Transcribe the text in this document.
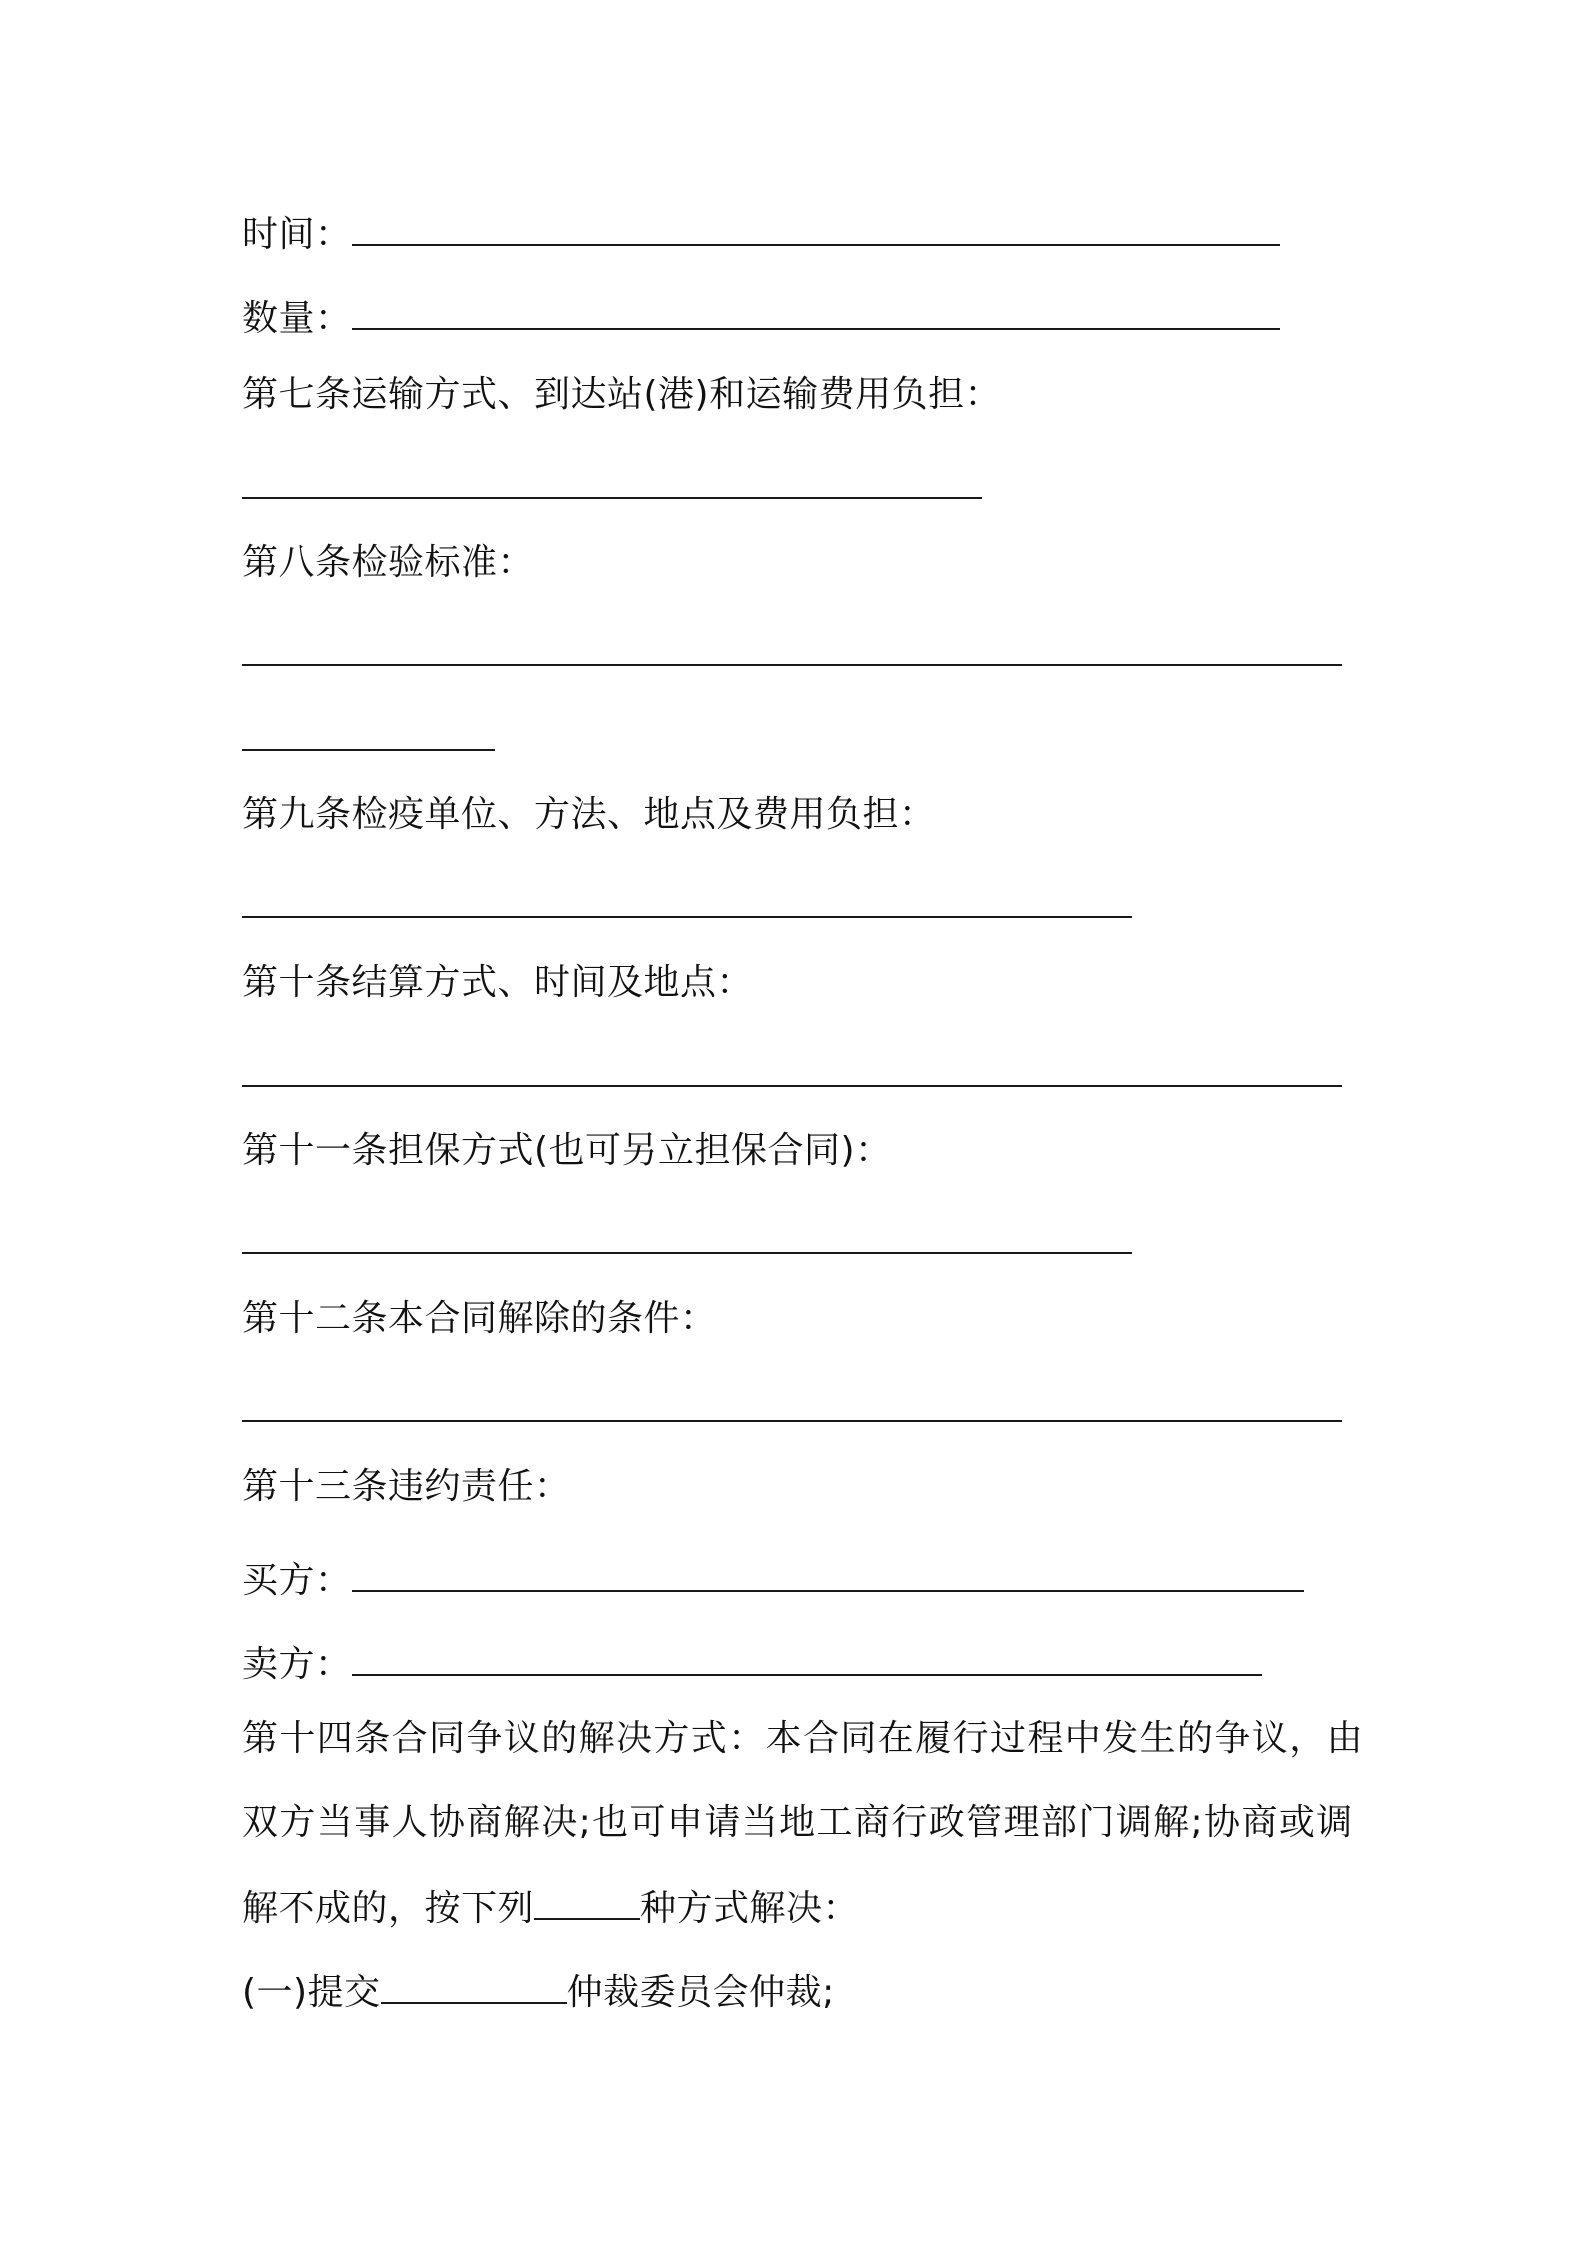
时间：

数量：

第七条运输方式、到达站(港)和运输费用负担：

第八条检验标准：

第九条检疫单位、方法、地点及费用负担：

第十条结算方式、时间及地点：

第十一条担保方式(也可另立担保合同)：

第十二条本合同解除的条件：

第十三条违约责任：

买方：

卖方：

第十四条合同争议的解决方式：本合同在履行过程中发生的争议，由

双方当事人协商解决;也可申请当地工商行政管理部门调解;协商或调

解不成的，按下列	种方式解决：

(一)提交	仲裁委员会仲裁;
